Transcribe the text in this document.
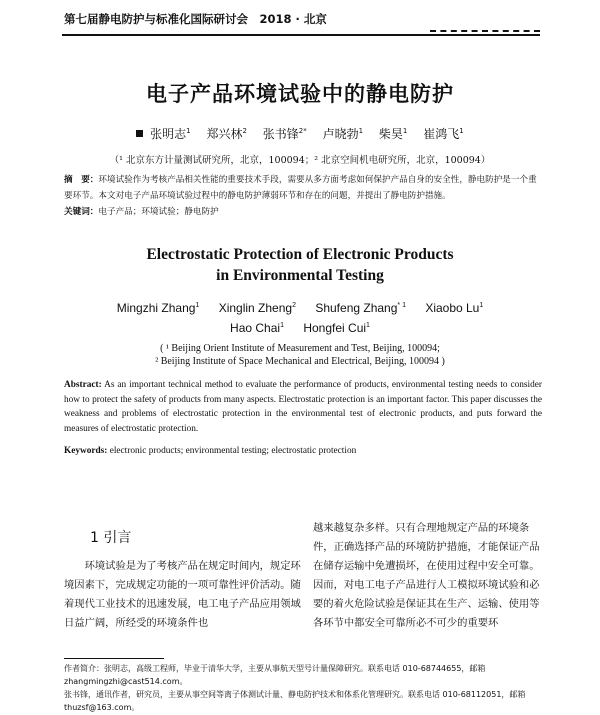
第七届静电防护与标准化国际研讨会　2018 · 北京
电子产品环境试验中的静电防护
张明志$^1$　 郑兴林$^2$　 张书锋$^{2*}$　 卢晓勃$^1$　 柴昊$^1$　 崔鸿飞$^1$
（¹ 北京东方计量测试研究所，北京，100094；² 北京空间机电研究所，北京，100094）
摘　要：环境试验作为考核产品相关性能的重要技术手段，需要从多方面考虑如何保护产品自身的安全性，静电防护是一个重要环节。本文对电子产品环境试验过程中的静电防护薄弱环节和存在的问题，并提出了静电防护措施。
关键词：电子产品；环境试验；静电防护
Electrostatic Protection of Electronic Products
in Environmental Testing
Mingzhi Zhang$^1$ Xinglin Zheng$^2$ Shufeng Zhang$^{* 1}$ Xiaobo Lu$^1$
Hao Chai$^1$ Hongfei Cui$^1$
( ¹ Beijing Orient Institute of Measurement and Test, Beijing, 100094;
² Beijing Institute of Space Mechanical and Electrical, Beijing, 100094 )
Abstract: As an important technical method to evaluate the performance of products, environmental testing needs to consider how to protect the safety of products from many aspects. Electrostatic protection is an important factor. This paper discusses the weakness and problems of electrostatic protection in the environmental test of electronic products, and puts forward the measures of electrostatic protection.
Keywords: electronic products; environmental testing; electrostatic protection
1 引言
环境试验是为了考核产品在规定时间内，规定环境因素下，完成规定功能的一项可靠性评价活动。随着现代工业技术的迅速发展，电工电子产品应用领域日益广阔，所经受的环境条件也
越来越复杂多样。只有合理地规定产品的环境条件，正确选择产品的环境防护措施，才能保证产品在储存运输中免遭损坏，在使用过程中安全可靠。因而，对电工电子产品进行人工模拟环境试验和必要的着火危险试验是保证其在生产、运输、使用等各环节中都安全可靠所必不可少的重要环
作者简介：张明志，高级工程师，毕业于清华大学，主要从事航天型号计量保障研究。联系电话 010-68744655，邮箱 zhangmingzhi@cast514.com。
张书锋，通讯作者，研究员，主要从事空间等离子体测试计量、静电防护技术和体系化管理研究。联系电话 010-68112051，邮箱 thuzsf@163.com。
